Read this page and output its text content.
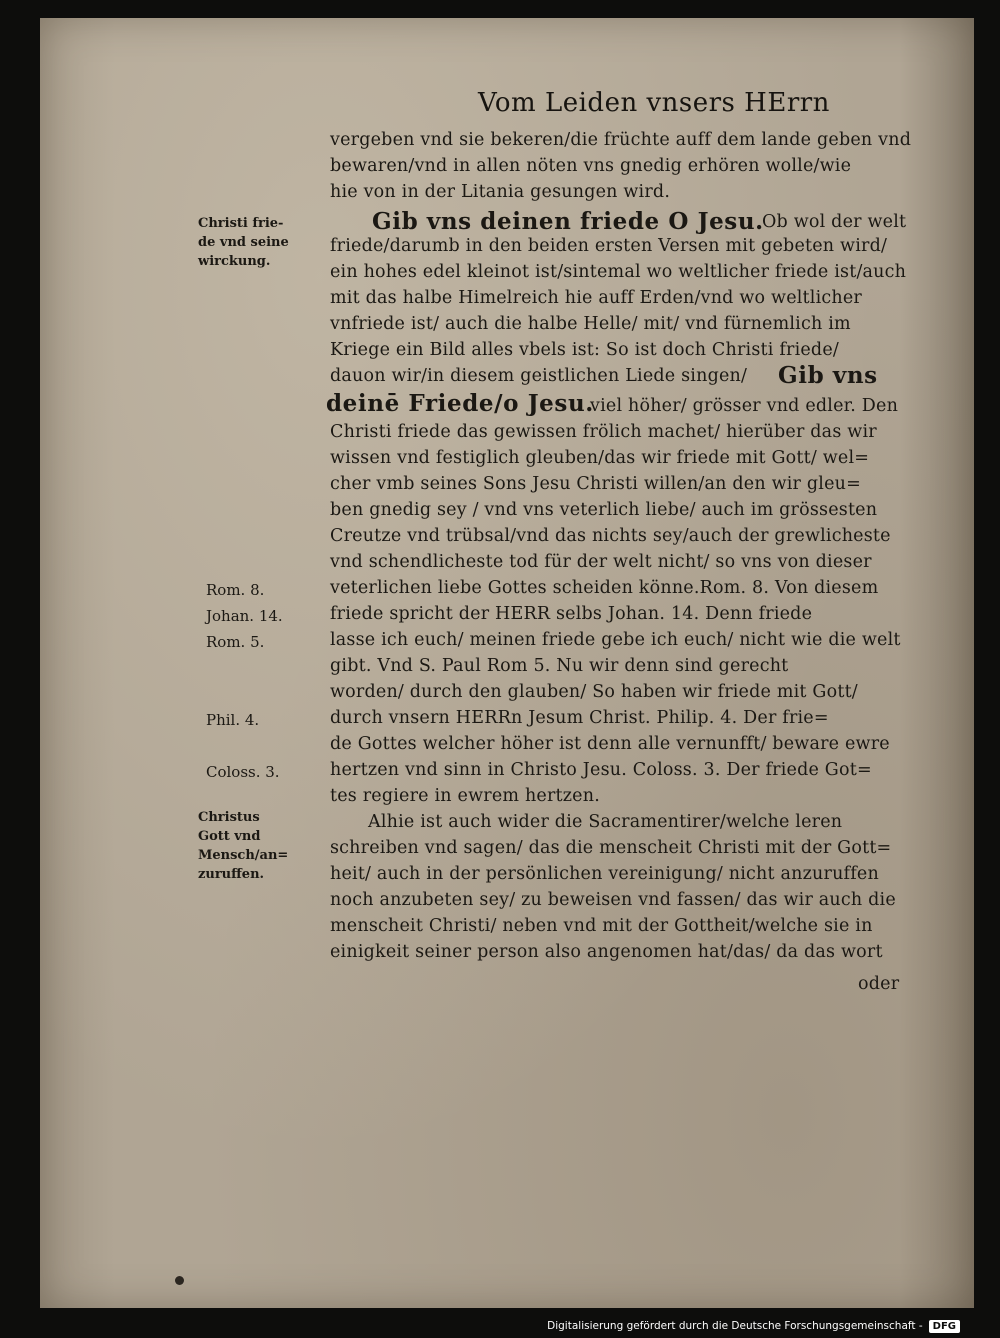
Vom Leiden vnsers HErrn
vergeben vnd sie bekeren/die früchte auff dem lande geben vnd
bewaren/vnd in allen nöten vns gnedig erhören wolle/wie
hie von in der Litania gesungen wird.
Gib vns deinen friede O Jesu.
Ob wol der welt
friede/darumb in den beiden ersten Versen mit gebeten wird/
ein hohes edel kleinot ist/sintemal wo weltlicher friede ist/auch
mit das halbe Himelreich hie auff Erden/vnd wo weltlicher
vnfriede ist/ auch die halbe Helle/ mit/ vnd fürnemlich im
Kriege ein Bild alles vbels ist: So ist doch Christi friede/
dauon wir/in diesem geistlichen Liede singen/ Gib vns
deinē Friede/o Jesu.
viel höher/ grösser vnd edler. Den
Christi friede das gewissen frölich machet/ hierüber das wir
wissen vnd festiglich gleuben/das wir friede mit Gott/ wel=
cher vmb seines Sons Jesu Christi willen/an den wir gleu=
ben gnedig sey / vnd vns veterlich liebe/ auch im grössesten
Creutze vnd trübsal/vnd das nichts sey/auch der grewlicheste
vnd schendlicheste tod für der welt nicht/ so vns von dieser
veterlichen liebe Gottes scheiden könne.Rom. 8. Von diesem
friede spricht der HERR selbs Johan. 14. Denn friede
lasse ich euch/ meinen friede gebe ich euch/ nicht wie die welt
gibt. Vnd S. Paul Rom 5. Nu wir denn sind gerecht
worden/ durch den glauben/ So haben wir friede mit Gott/
durch vnsern HERRn Jesum Christ. Philip. 4. Der frie=
de Gottes welcher höher ist denn alle vernunfft/ beware ewre
hertzen vnd sinn in Christo Jesu. Coloss. 3. Der friede Got=
tes regiere in ewrem hertzen.
Alhie ist auch wider die Sacramentirer/welche leren
schreiben vnd sagen/ das die menscheit Christi mit der Gott=
heit/ auch in der persönlichen vereinigung/ nicht anzuruffen
noch anzubeten sey/ zu beweisen vnd fassen/ das wir auch die
menscheit Christi/ neben vnd mit der Gottheit/welche sie in
einigkeit seiner person also angenomen hat/das/ da das wort
oder
Christi frie-
de vnd seine
wirckung.
Rom. 8.
Johan. 14.
Rom. 5.
Phil. 4.
Coloss. 3.
Christus
Gott vnd
Mensch/an=
zuruffen.
Digitalisierung gefördert durch die Deutsche Forschungsgemeinschaft -	DFG
